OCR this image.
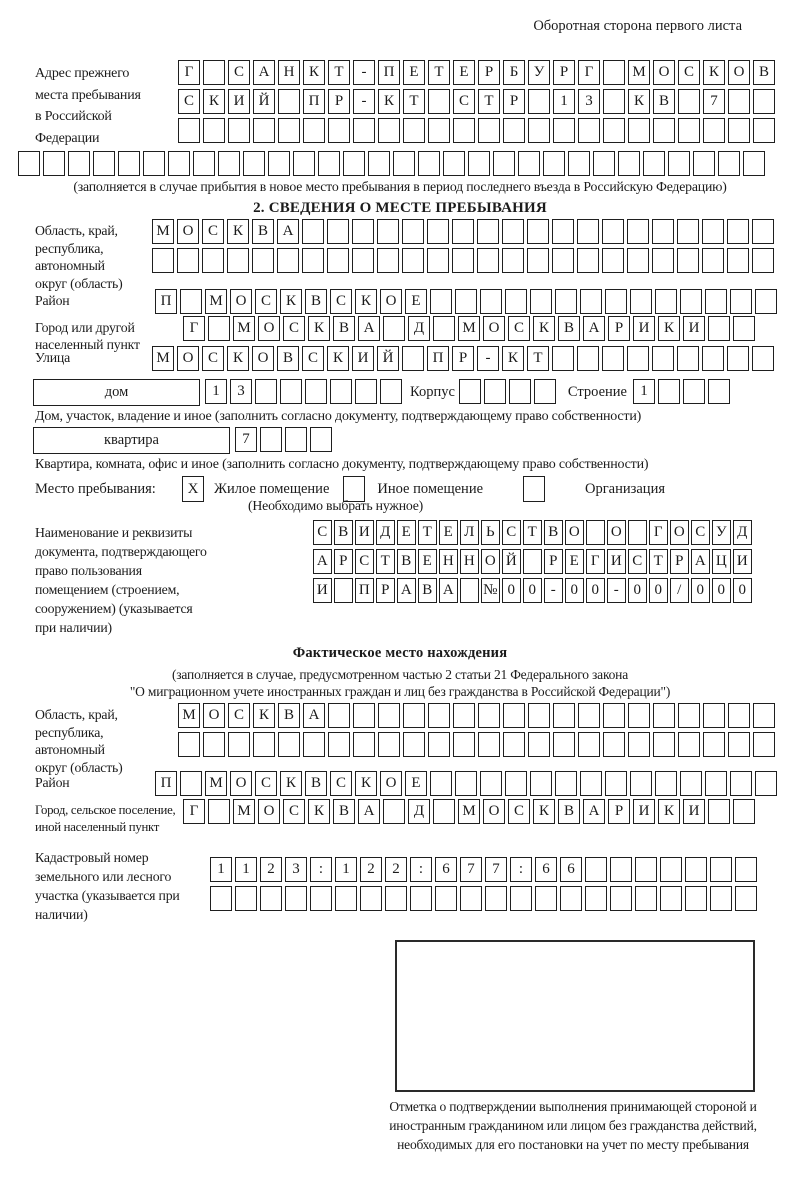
Оборотная сторона первого листа
Адрес прежнего места пребывания в Российской Федерации
Г	С А Н К	Т	-	П Е	Т	Е	Р	Б	У	Р	Г	М О С К О В
С К И Й	П	Р	-	К	Т	С	Т	Р	1	3	К В	7
(заполняется в случае прибытия в новое место пребывания в период последнего въезда в Российскую Федерацию)
2. СВЕДЕНИЯ О МЕСТЕ ПРЕБЫВАНИЯ
Область, край, республика, автономный округ (область)
М О С К В А
Район	П	М О С К В С К О Е
Город или другой населенный пункт
Г	М О С К В А	Д	М О С К В А	Р	И К И
Улица	М О С К О В С К И Й	П	Р	-	К	Т
дом	1	3	Корпус	Строение 1
Дом, участок, владение и иное (заполнить согласно документу, подтверждающему право собственности)
квартира	7
Квартира, комната, офис и иное (заполнить согласно документу, подтверждающему право собственности)
Место пребывания:	X	Жилое помещение	Иное помещение	Организация
(Необходимо выбрать нужное)
Наименование и реквизиты документа, подтверждающего право пользования помещением (строением, сооружением) (указывается при наличии)
С В И Д Е Т Е Л Ь С Т В О О	Г О С У Д
А Р С Т В Е Н Н О Й	Р Е Г И С Т Р А Ц И
И П Р А В А № 0 0 - 0 0 - 0 0	/	0 0 0
Фактическое место нахождения
(заполняется в случае, предусмотренном частью 2 статьи 21 Федерального закона
"О миграционном учете иностранных граждан и лиц без гражданства в Российской Федерации")
Область, край, республика, автономный округ (область)
М О С К В А
Район	П	М О С К В С К О Е
Город, сельское поселение, иной населенный пункт
Г	М О С К В А	Д	М О С К В А	Р	И К И
Кадастровый номер земельного или лесного участка (указывается при наличии)
1	1	2	3	:	1	2	2	:	6	7	7	:	6	6
Отметка о подтверждении выполнения принимающей стороной и иностранным гражданином или лицом без гражданства действий, необходимых для его постановки на учет по месту пребывания
